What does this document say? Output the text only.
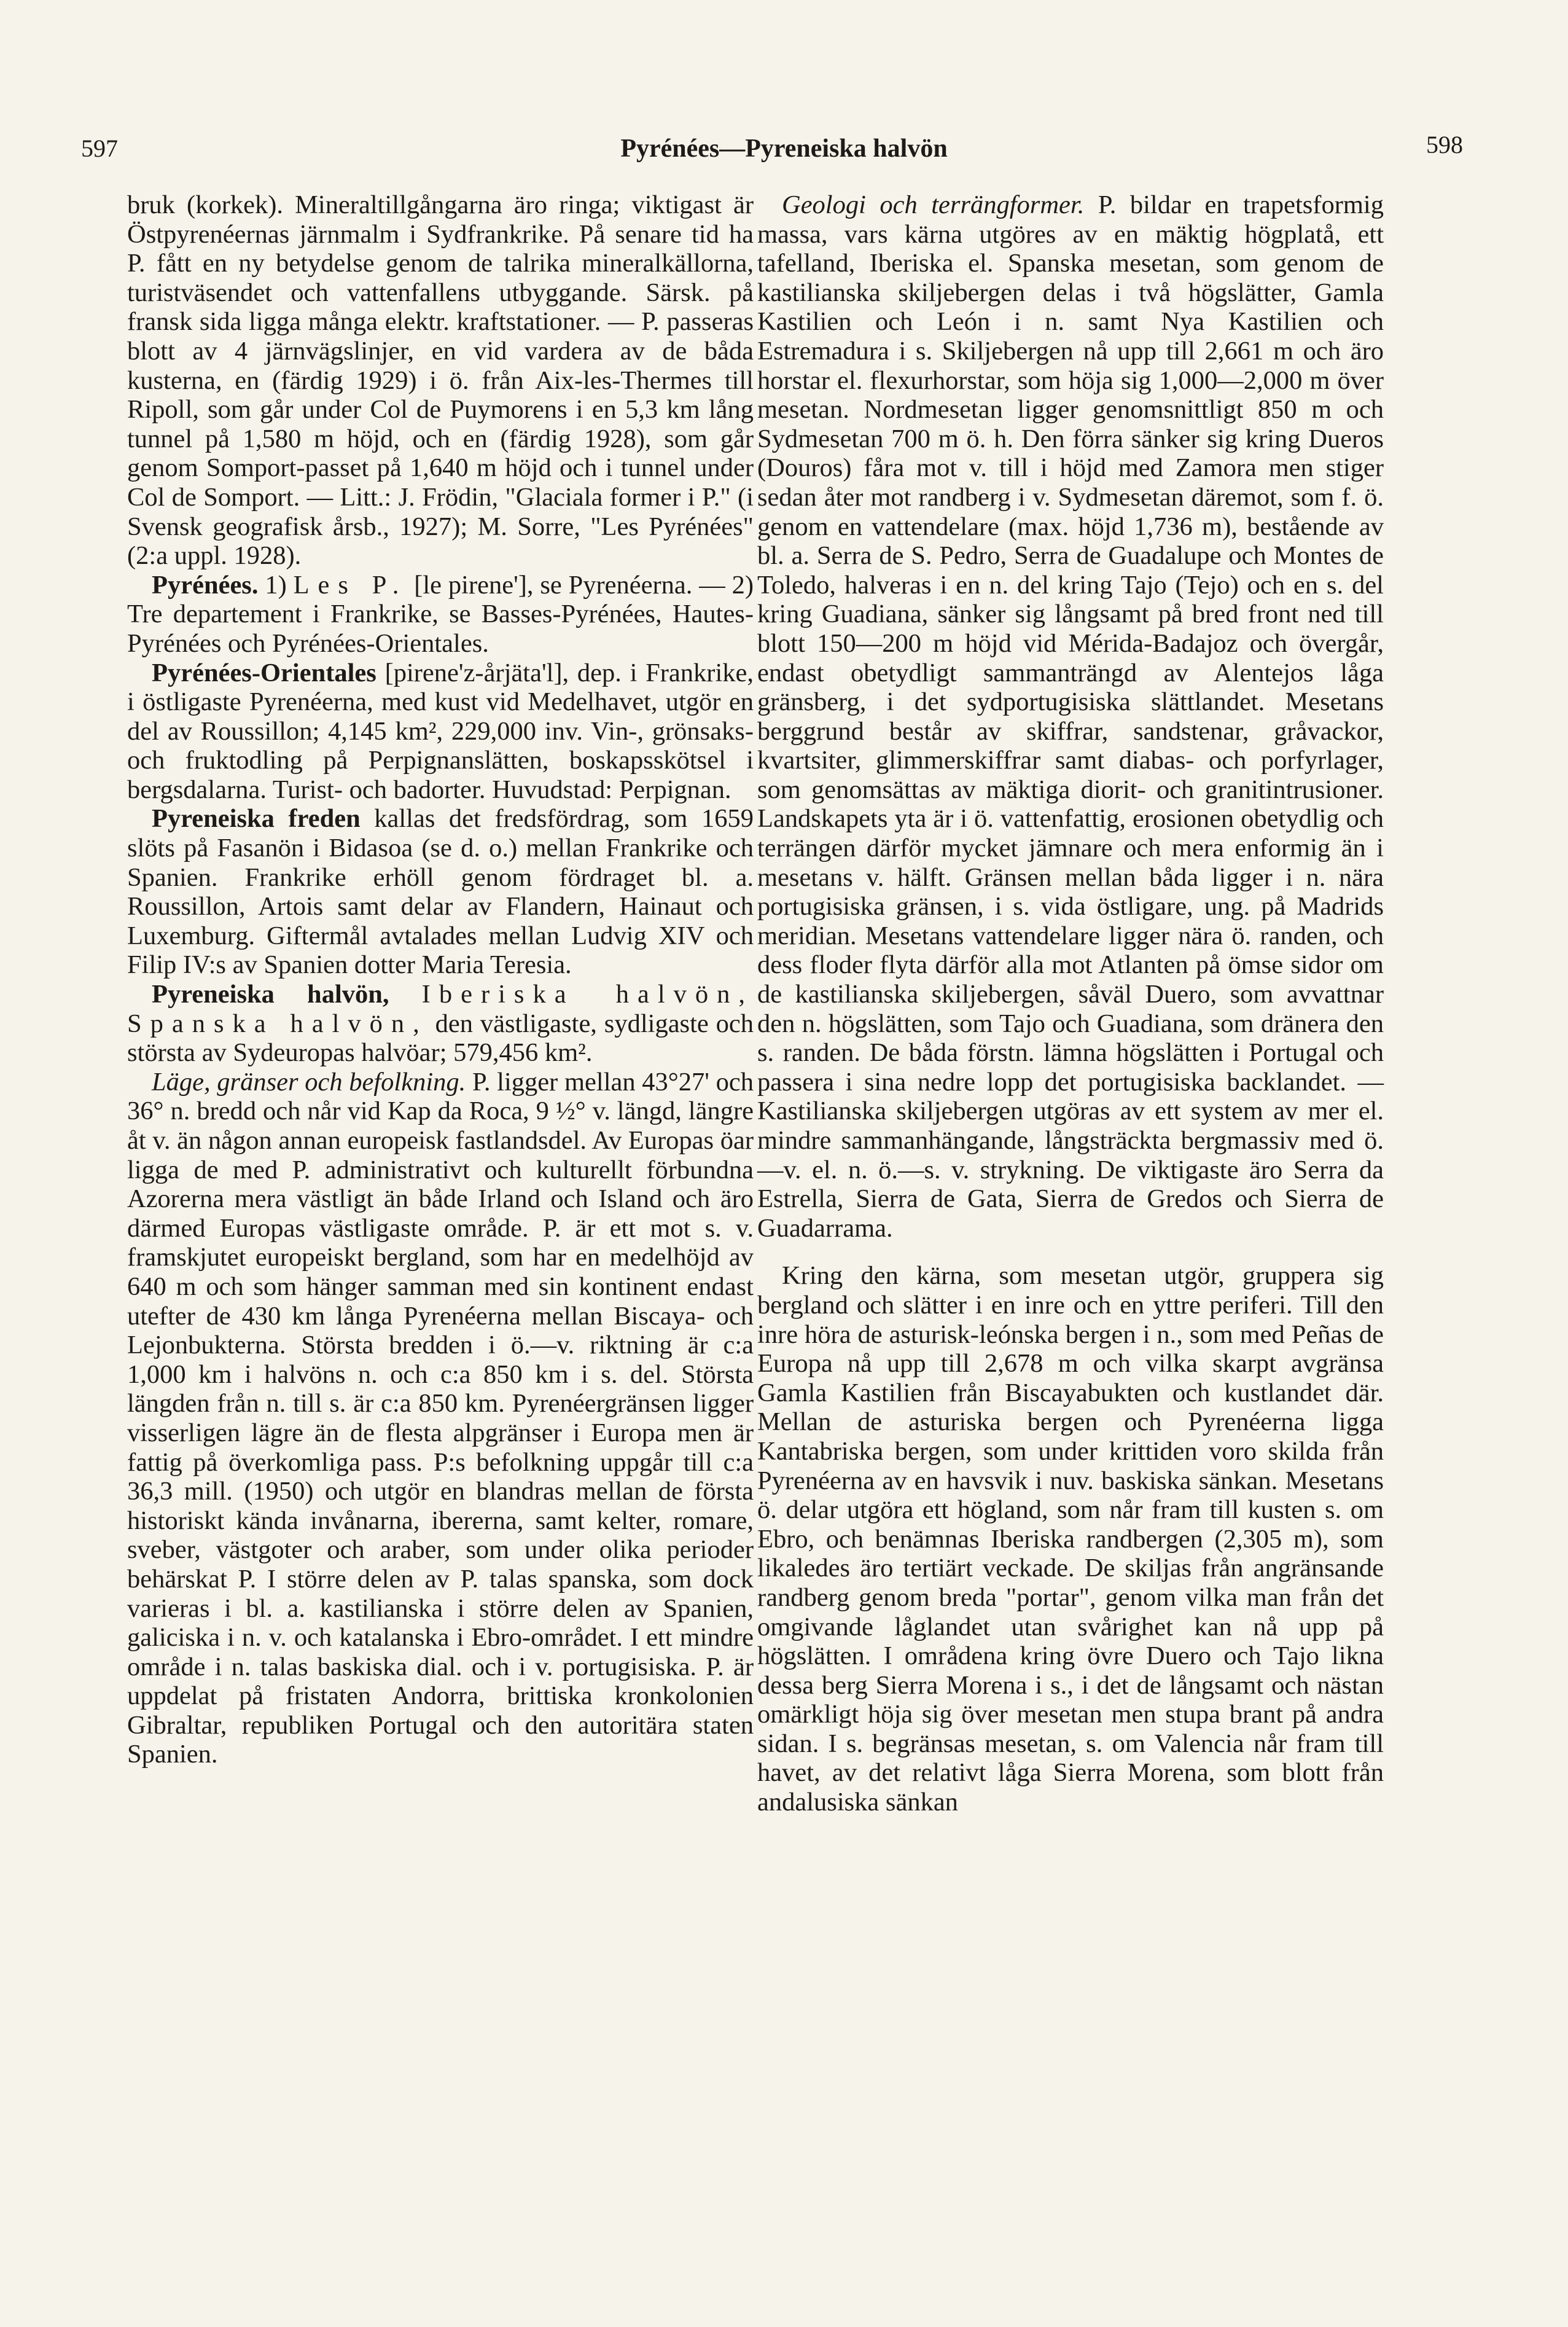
597	Pyrénées—Pyreneiska halvön	598

bruk (korkek). Mineraltillgångarna äro ringa; viktigast är Östpyrenéernas järnmalm i Sydfrankrike. På senare tid ha P. fått en ny betydelse genom de talrika mineralkällorna, turistväsendet och vattenfallens utbyggande. Särsk. på fransk sida ligga många elektr. kraftstationer. — P. passeras blott av 4 järnvägslinjer, en vid vardera av de båda kusterna, en (färdig 1929) i ö. från Aix-les-Thermes till Ripoll, som går under Col de Puymorens i en 5,3 km lång tunnel på 1,580 m höjd, och en (färdig 1928), som går genom Somport-passet på 1,640 m höjd och i tunnel under Col de Somport. — Litt.: J. Frödin, "Glaciala former i P." (i Svensk geografisk årsb., 1927); M. Sorre, "Les Pyrénées" (2:a uppl. 1928).

Pyrénées. 1) Les P. [le pirene'], se Pyrenéerna. — 2) Tre departement i Frankrike, se Basses-Pyrénées, Hautes-Pyrénées och Pyrénées-Orientales.

Pyrénées-Orientales [pirene'z-årjäta'l], dep. i Frankrike, i östligaste Pyrenéerna, med kust vid Medelhavet, utgör en del av Roussillon; 4,145 km², 229,000 inv. Vin-, grönsaks- och fruktodling på Perpignanslätten, boskapsskötsel i bergsdalarna. Turist- och badorter. Huvudstad: Perpignan.

Pyreneiska freden kallas det fredsfördrag, som 1659 slöts på Fasanön i Bidasoa (se d. o.) mellan Frankrike och Spanien. Frankrike erhöll genom fördraget bl. a. Roussillon, Artois samt delar av Flandern, Hainaut och Luxemburg. Giftermål avtalades mellan Ludvig XIV och Filip IV:s av Spanien dotter Maria Teresia.

Pyreneiska halvön, Iberiska halvön, Spanska halvön, den västligaste, sydligaste och största av Sydeuropas halvöar; 579,456 km².

Läge, gränser och befolkning. P. ligger mellan 43°27' och 36° n. bredd och når vid Kap da Roca, 9 ½° v. längd, längre åt v. än någon annan europeisk fastlandsdel. Av Europas öar ligga de med P. administrativt och kulturellt förbundna Azorerna mera västligt än både Irland och Island och äro därmed Europas västligaste område. P. är ett mot s. v. framskjutet europeiskt bergland, som har en medelhöjd av 640 m och som hänger samman med sin kontinent endast utefter de 430 km långa Pyrenéerna mellan Biscaya- och Lejonbukterna. Största bredden i ö.—v. riktning är c:a 1,000 km i halvöns n. och c:a 850 km i s. del. Största längden från n. till s. är c:a 850 km. Pyrenéergränsen ligger visserligen lägre än de flesta alpgränser i Europa men är fattig på överkomliga pass. P:s befolkning uppgår till c:a 36,3 mill. (1950) och utgör en blandras mellan de första historiskt kända invånarna, ibererna, samt kelter, romare, sveber, västgoter och araber, som under olika perioder behärskat P. I större delen av P. talas spanska, som dock varieras i bl. a. kastilianska i större delen av Spanien, galiciska i n. v. och katalanska i Ebro-området. I ett mindre område i n. talas baskiska dial. och i v. portugisiska. P. är uppdelat på fristaten Andorra, brittiska kronkolonien Gibraltar, republiken Portugal och den autoritära staten Spanien.

Geologi och terrängformer. P. bildar en trapetsformig massa, vars kärna utgöres av en mäktig högplatå, ett tafelland, Iberiska el. Spanska mesetan, som genom de kastilianska skiljebergen delas i två högslätter, Gamla Kastilien och León i n. samt Nya Kastilien och Estremadura i s. Skiljebergen nå upp till 2,661 m och äro horstar el. flexurhorstar, som höja sig 1,000—2,000 m över mesetan. Nordmesetan ligger genomsnittligt 850 m och Sydmesetan 700 m ö. h. Den förra sänker sig kring Dueros (Douros) fåra mot v. till i höjd med Zamora men stiger sedan åter mot randberg i v. Sydmesetan däremot, som f. ö. genom en vattendelare (max. höjd 1,736 m), bestående av bl. a. Serra de S. Pedro, Serra de Guadalupe och Montes de Toledo, halveras i en n. del kring Tajo (Tejo) och en s. del kring Guadiana, sänker sig långsamt på bred front ned till blott 150—200 m höjd vid Mérida-Badajoz och övergår, endast obetydligt sammanträngd av Alentejos låga gränsberg, i det sydportugisiska slättlandet. Mesetans berggrund består av skiffrar, sandstenar, gråvackor, kvartsiter, glimmerskiffrar samt diabas- och porfyrlager, som genomsättas av mäktiga diorit- och granitintrusioner. Landskapets yta är i ö. vattenfattig, erosionen obetydlig och terrängen därför mycket jämnare och mera enformig än i mesetans v. hälft. Gränsen mellan båda ligger i n. nära portugisiska gränsen, i s. vida östligare, ung. på Madrids meridian. Mesetans vattendelare ligger nära ö. randen, och dess floder flyta därför alla mot Atlanten på ömse sidor om de kastilianska skiljebergen, såväl Duero, som avvattnar den n. högslätten, som Tajo och Guadiana, som dränera den s. randen. De båda förstn. lämna högslätten i Portugal och passera i sina nedre lopp det portugisiska backlandet. — Kastilianska skiljebergen utgöras av ett system av mer el. mindre sammanhängande, långsträckta bergmassiv med ö.—v. el. n. ö.—s. v. strykning. De viktigaste äro Serra da Estrella, Sierra de Gata, Sierra de Gredos och Sierra de Guadarrama.

Kring den kärna, som mesetan utgör, gruppera sig bergland och slätter i en inre och en yttre periferi. Till den inre höra de asturisk-leónska bergen i n., som med Peñas de Europa nå upp till 2,678 m och vilka skarpt avgränsa Gamla Kastilien från Biscayabukten och kustlandet där. Mellan de asturiska bergen och Pyrenéerna ligga Kantabriska bergen, som under krittiden voro skilda från Pyrenéerna av en havsvik i nuv. baskiska sänkan. Mesetans ö. delar utgöra ett högland, som når fram till kusten s. om Ebro, och benämnas Iberiska randbergen (2,305 m), som likaledes äro tertiärt veckade. De skiljas från angränsande randberg genom breda "portar", genom vilka man från det omgivande låglandet utan svårighet kan nå upp på högslätten. I områdena kring övre Duero och Tajo likna dessa berg Sierra Morena i s., i det de långsamt och nästan omärkligt höja sig över mesetan men stupa brant på andra sidan. I s. begränsas mesetan, s. om Valencia når fram till havet, av det relativt låga Sierra Morena, som blott från andalusiska sänkan
